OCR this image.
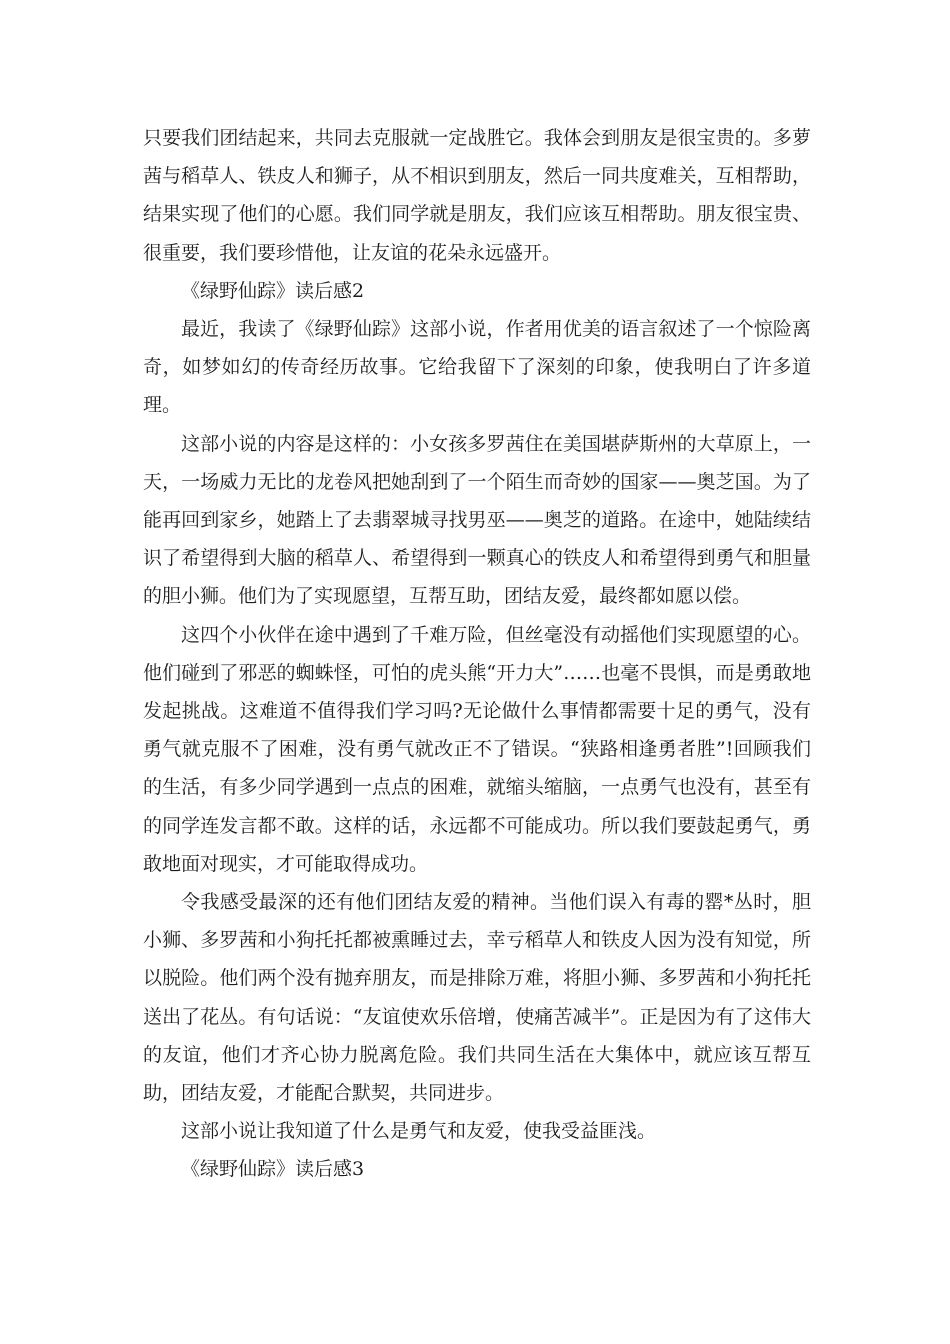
只要我们团结起来，共同去克服就一定战胜它。我体会到朋友是很宝贵的。多萝茜与稻草人、铁皮人和狮子，从不相识到朋友，然后一同共度难关，互相帮助，结果实现了他们的心愿。我们同学就是朋友，我们应该互相帮助。朋友很宝贵、很重要，我们要珍惜他，让友谊的花朵永远盛开。

《绿野仙踪》读后感2

最近，我读了《绿野仙踪》这部小说，作者用优美的语言叙述了一个惊险离奇，如梦如幻的传奇经历故事。它给我留下了深刻的印象，使我明白了许多道理。

这部小说的内容是这样的：小女孩多罗茜住在美国堪萨斯州的大草原上，一天，一场威力无比的龙卷风把她刮到了一个陌生而奇妙的国家——奥芝国。为了能再回到家乡，她踏上了去翡翠城寻找男巫——奥芝的道路。在途中，她陆续结识了希望得到大脑的稻草人、希望得到一颗真心的铁皮人和希望得到勇气和胆量的胆小狮。他们为了实现愿望，互帮互助，团结友爱，最终都如愿以偿。

这四个小伙伴在途中遇到了千难万险，但丝毫没有动摇他们实现愿望的心。他们碰到了邪恶的蜘蛛怪，可怕的虎头熊“开力大”……也毫不畏惧，而是勇敢地发起挑战。这难道不值得我们学习吗?无论做什么事情都需要十足的勇气，没有勇气就克服不了困难，没有勇气就改正不了错误。“狭路相逢勇者胜”!回顾我们的生活，有多少同学遇到一点点的困难，就缩头缩脑，一点勇气也没有，甚至有的同学连发言都不敢。这样的话，永远都不可能成功。所以我们要鼓起勇气，勇敢地面对现实，才可能取得成功。

令我感受最深的还有他们团结友爱的精神。当他们误入有毒的罂*丛时，胆小狮、多罗茜和小狗托托都被熏睡过去，幸亏稻草人和铁皮人因为没有知觉，所以脱险。他们两个没有抛弃朋友，而是排除万难，将胆小狮、多罗茜和小狗托托送出了花丛。有句话说：“友谊使欢乐倍增，使痛苦减半”。正是因为有了这伟大的友谊，他们才齐心协力脱离危险。我们共同生活在大集体中，就应该互帮互助，团结友爱，才能配合默契，共同进步。

这部小说让我知道了什么是勇气和友爱，使我受益匪浅。

《绿野仙踪》读后感3
